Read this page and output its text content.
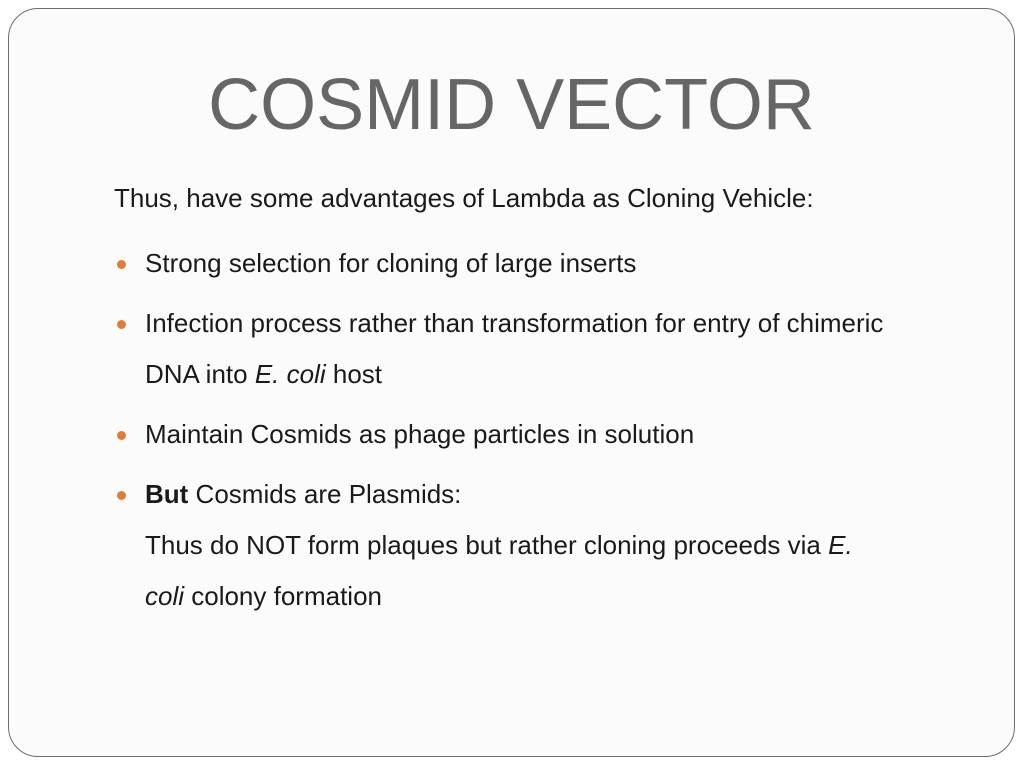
COSMID VECTOR
Thus, have some advantages of Lambda as Cloning Vehicle:
Strong selection for cloning of large inserts
Infection process rather than transformation for entry of chimeric
DNA into E. coli host
Maintain Cosmids as phage particles in solution
But Cosmids are Plasmids:
Thus do NOT form plaques but rather cloning proceeds via E.
coli colony formation
